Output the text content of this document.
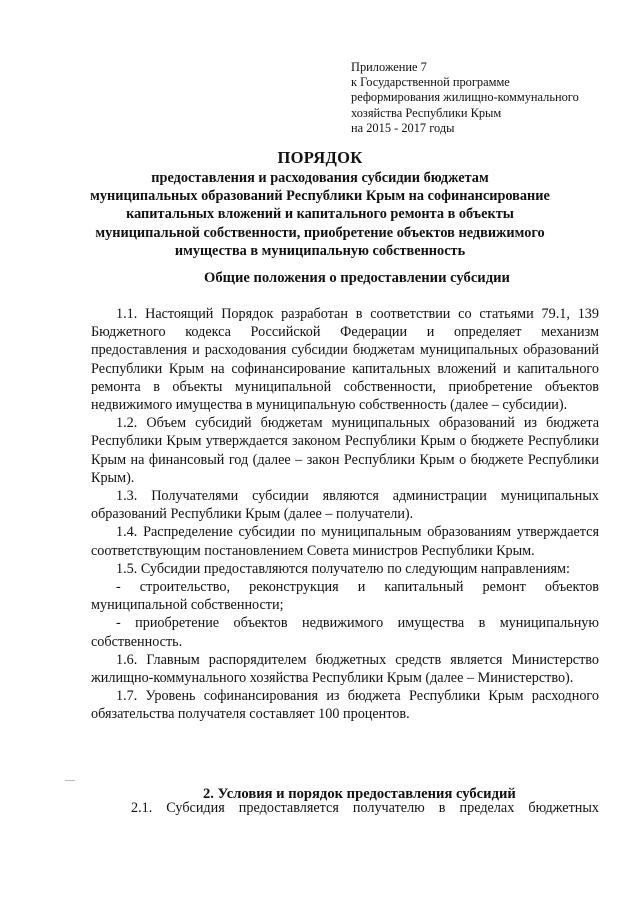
Приложение 7
к Государственной программе
реформирования жилищно-коммунального
хозяйства Республики Крым
на 2015 - 2017 годы
ПОРЯДОК
предоставления и расходования субсидии бюджетам
муниципальных образований Республики Крым на софинансирование
капитальных вложений и капитального ремонта в объекты
муниципальной собственности, приобретение объектов недвижимого
имущества в муниципальную собственность
Общие положения о предоставлении субсидии

1.1. Настоящий Порядок разработан в соответствии со статьями 79.1, 139 Бюджетного кодекса Российской Федерации и определяет механизм предоставления и расходования субсидии бюджетам муниципальных образований Республики Крым на софинансирование капитальных вложений и капитального ремонта в объекты муниципальной собственности, приобретение объектов недвижимого имущества в муниципальную собственность (далее – субсидии).

1.2. Объем субсидий бюджетам муниципальных образований из бюджета Республики Крым утверждается законом Республики Крым о бюджете Республики Крым на финансовый год (далее – закон Республики Крым о бюджете Республики Крым).

1.3. Получателями субсидии являются администрации муниципальных образований Республики Крым (далее – получатели).

1.4. Распределение субсидии по муниципальным образованиям утверждается соответствующим постановлением Совета министров Республики Крым.

1.5. Субсидии предоставляются получателю по следующим направлениям:

- строительство, реконструкция и капитальный ремонт объектов муниципальной собственности;

- приобретение объектов недвижимого имущества в муниципальную собственность.

1.6. Главным распорядителем бюджетных средств является Министерство жилищно-коммунального хозяйства Республики Крым (далее – Министерство).

1.7. Уровень софинансирования из бюджета Республики Крым расходного обязательства получателя составляет 100 процентов.

2. Условия и порядок предоставления субсидий
2.1. Субсидия предоставляется получателю в пределах бюджетных
